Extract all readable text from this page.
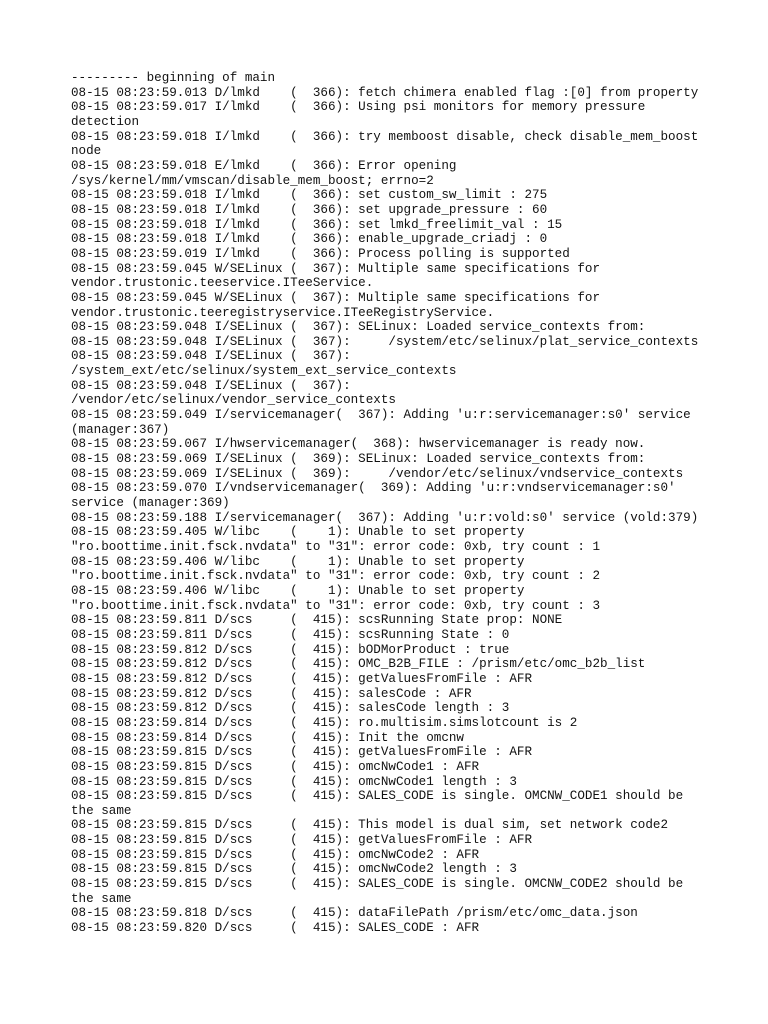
--------- beginning of main
08-15 08:23:59.013 D/lmkd    (  366): fetch chimera enabled flag :[0] from property
08-15 08:23:59.017 I/lmkd    (  366): Using psi monitors for memory pressure
detection
08-15 08:23:59.018 I/lmkd    (  366): try memboost disable, check disable_mem_boost
node
08-15 08:23:59.018 E/lmkd    (  366): Error opening
/sys/kernel/mm/vmscan/disable_mem_boost; errno=2
08-15 08:23:59.018 I/lmkd    (  366): set custom_sw_limit : 275
08-15 08:23:59.018 I/lmkd    (  366): set upgrade_pressure : 60
08-15 08:23:59.018 I/lmkd    (  366): set lmkd_freelimit_val : 15
08-15 08:23:59.018 I/lmkd    (  366): enable_upgrade_criadj : 0
08-15 08:23:59.019 I/lmkd    (  366): Process polling is supported
08-15 08:23:59.045 W/SELinux (  367): Multiple same specifications for
vendor.trustonic.teeservice.ITeeService.
08-15 08:23:59.045 W/SELinux (  367): Multiple same specifications for
vendor.trustonic.teeregistryservice.ITeeRegistryService.
08-15 08:23:59.048 I/SELinux (  367): SELinux: Loaded service_contexts from:
08-15 08:23:59.048 I/SELinux (  367):     /system/etc/selinux/plat_service_contexts
08-15 08:23:59.048 I/SELinux (  367):
/system_ext/etc/selinux/system_ext_service_contexts
08-15 08:23:59.048 I/SELinux (  367):
/vendor/etc/selinux/vendor_service_contexts
08-15 08:23:59.049 I/servicemanager(  367): Adding 'u:r:servicemanager:s0' service
(manager:367)
08-15 08:23:59.067 I/hwservicemanager(  368): hwservicemanager is ready now.
08-15 08:23:59.069 I/SELinux (  369): SELinux: Loaded service_contexts from:
08-15 08:23:59.069 I/SELinux (  369):     /vendor/etc/selinux/vndservice_contexts
08-15 08:23:59.070 I/vndservicemanager(  369): Adding 'u:r:vndservicemanager:s0'
service (manager:369)
08-15 08:23:59.188 I/servicemanager(  367): Adding 'u:r:vold:s0' service (vold:379)
08-15 08:23:59.405 W/libc    (    1): Unable to set property
"ro.boottime.init.fsck.nvdata" to "31": error code: 0xb, try count : 1
08-15 08:23:59.406 W/libc    (    1): Unable to set property
"ro.boottime.init.fsck.nvdata" to "31": error code: 0xb, try count : 2
08-15 08:23:59.406 W/libc    (    1): Unable to set property
"ro.boottime.init.fsck.nvdata" to "31": error code: 0xb, try count : 3
08-15 08:23:59.811 D/scs     (  415): scsRunning State prop: NONE
08-15 08:23:59.811 D/scs     (  415): scsRunning State : 0
08-15 08:23:59.812 D/scs     (  415): bODMorProduct : true
08-15 08:23:59.812 D/scs     (  415): OMC_B2B_FILE : /prism/etc/omc_b2b_list
08-15 08:23:59.812 D/scs     (  415): getValuesFromFile : AFR
08-15 08:23:59.812 D/scs     (  415): salesCode : AFR
08-15 08:23:59.812 D/scs     (  415): salesCode length : 3
08-15 08:23:59.814 D/scs     (  415): ro.multisim.simslotcount is 2
08-15 08:23:59.814 D/scs     (  415): Init the omcnw
08-15 08:23:59.815 D/scs     (  415): getValuesFromFile : AFR
08-15 08:23:59.815 D/scs     (  415): omcNwCode1 : AFR
08-15 08:23:59.815 D/scs     (  415): omcNwCode1 length : 3
08-15 08:23:59.815 D/scs     (  415): SALES_CODE is single. OMCNW_CODE1 should be
the same
08-15 08:23:59.815 D/scs     (  415): This model is dual sim, set network code2
08-15 08:23:59.815 D/scs     (  415): getValuesFromFile : AFR
08-15 08:23:59.815 D/scs     (  415): omcNwCode2 : AFR
08-15 08:23:59.815 D/scs     (  415): omcNwCode2 length : 3
08-15 08:23:59.815 D/scs     (  415): SALES_CODE is single. OMCNW_CODE2 should be
the same
08-15 08:23:59.818 D/scs     (  415): dataFilePath /prism/etc/omc_data.json
08-15 08:23:59.820 D/scs     (  415): SALES_CODE : AFR
